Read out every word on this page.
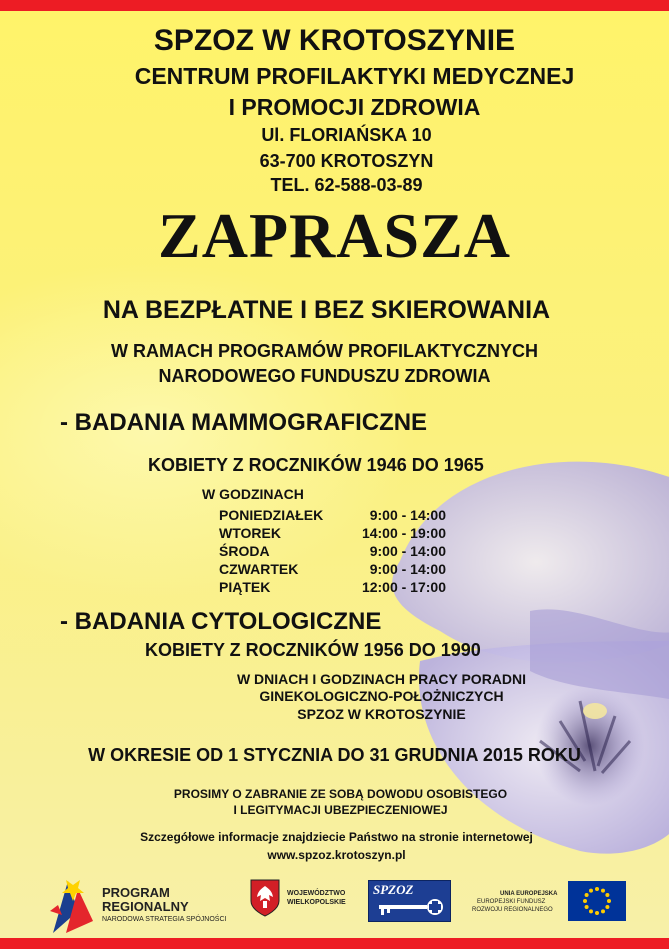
SPZOZ W KROTOSZYNIE
CENTRUM PROFILAKTYKI MEDYCZNEJ
I PROMOCJI ZDROWIA
Ul. FLORIAŃSKA 10
63-700 KROTOSZYN
TEL. 62-588-03-89
ZAPRASZA
NA BEZPŁATNE I BEZ SKIEROWANIA
W RAMACH PROGRAMÓW PROFILAKTYCZNYCH
NARODOWEGO FUNDUSZU ZDROWIA
- BADANIA MAMMOGRAFICZNE
KOBIETY Z ROCZNIKÓW 1946 DO 1965
W GODZINACH
PONIEDZIAŁEK	9:00 - 14:00
WTOREK	14:00 - 19:00
ŚRODA	9:00 - 14:00
CZWARTEK	9:00 - 14:00
PIĄTEK	12:00 - 17:00
- BADANIA CYTOLOGICZNE
KOBIETY Z ROCZNIKÓW 1956 DO 1990
W DNIACH I GODZINACH PRACY PORADNI
GINEKOLOGICZNO-POŁOŻNICZYCH
SPZOZ W KROTOSZYNIE
W OKRESIE OD 1 STYCZNIA DO 31 GRUDNIA 2015 ROKU
PROSIMY O ZABRANIE ZE SOBĄ DOWODU OSOBISTEGO
I LEGITYMACJI UBEZPIECZENIOWEJ
Szczegółowe informacje znajdziecie Państwo na stronie internetowej
www.spzoz.krotoszyn.pl
PROGRAM
REGIONALNY
NARODOWA STRATEGIA SPÓJNOŚCI
WOJEWÓDZTWO
WIELKOPOLSKIE
SPZOZ	UNIA EUROPEJSKA
EUROPEJSKI FUNDUSZ
ROZWOJU REGIONALNEGO
